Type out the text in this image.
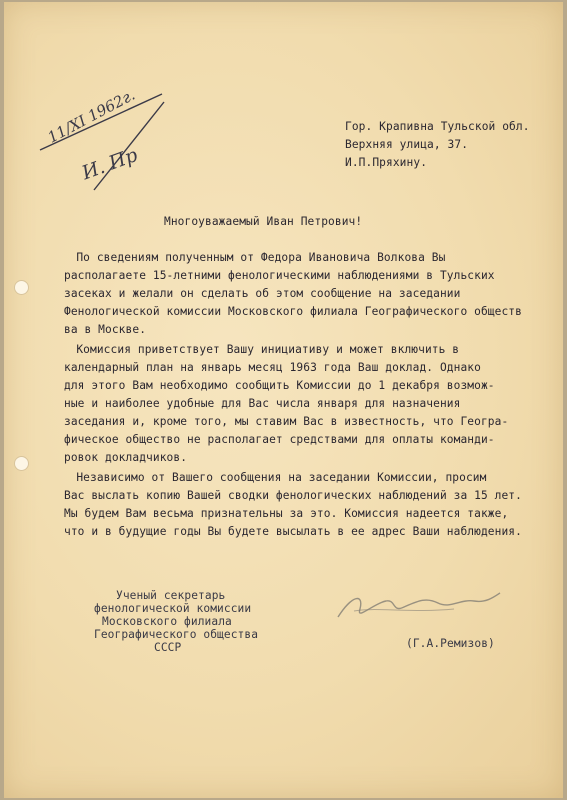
11/XI 1962г.
И. Пр

Гор. Крапивна Тульской обл.

Верхняя улица, 37.

И.П.Пряхину.

Многоуважаемый Иван Петрович!

По сведениям полученным от Федора Ивановича Волкова Вы

располагаете 15-летними фенологическими наблюдениями в Тульских

засеках и желали он сделать об этом сообщение на заседании

Фенологической комиссии Московского филиала Географического обществ

ва в Москве.

Комиссия приветствует Вашу инициативу и может включить в

календарный план на январь месяц 1963 года Ваш доклад. Однако

для этого Вам необходимо сообщить Комиссии до 1 декабря возмож-

ные и наиболее удобные для Вас числа января для назначения

заседания и, кроме того, мы ставим Вас в известность, что Геогра-

фическое общество не располагает средствами для оплаты команди-

ровок докладчиков.

Независимо от Вашего сообщения на заседании Комиссии, просим

Вас выслать копию Вашей сводки фенологических наблюдений за 15 лет.

Мы будем Вам весьма признательны за это. Комиссия надеется также,

что и в будущие годы Вы будете высылать в ее адрес Ваши наблюдения.

Ученый секретарь

фенологической комиссии

Московского филиала

Географического общества

СССР	(Г.А.Ремизов)
